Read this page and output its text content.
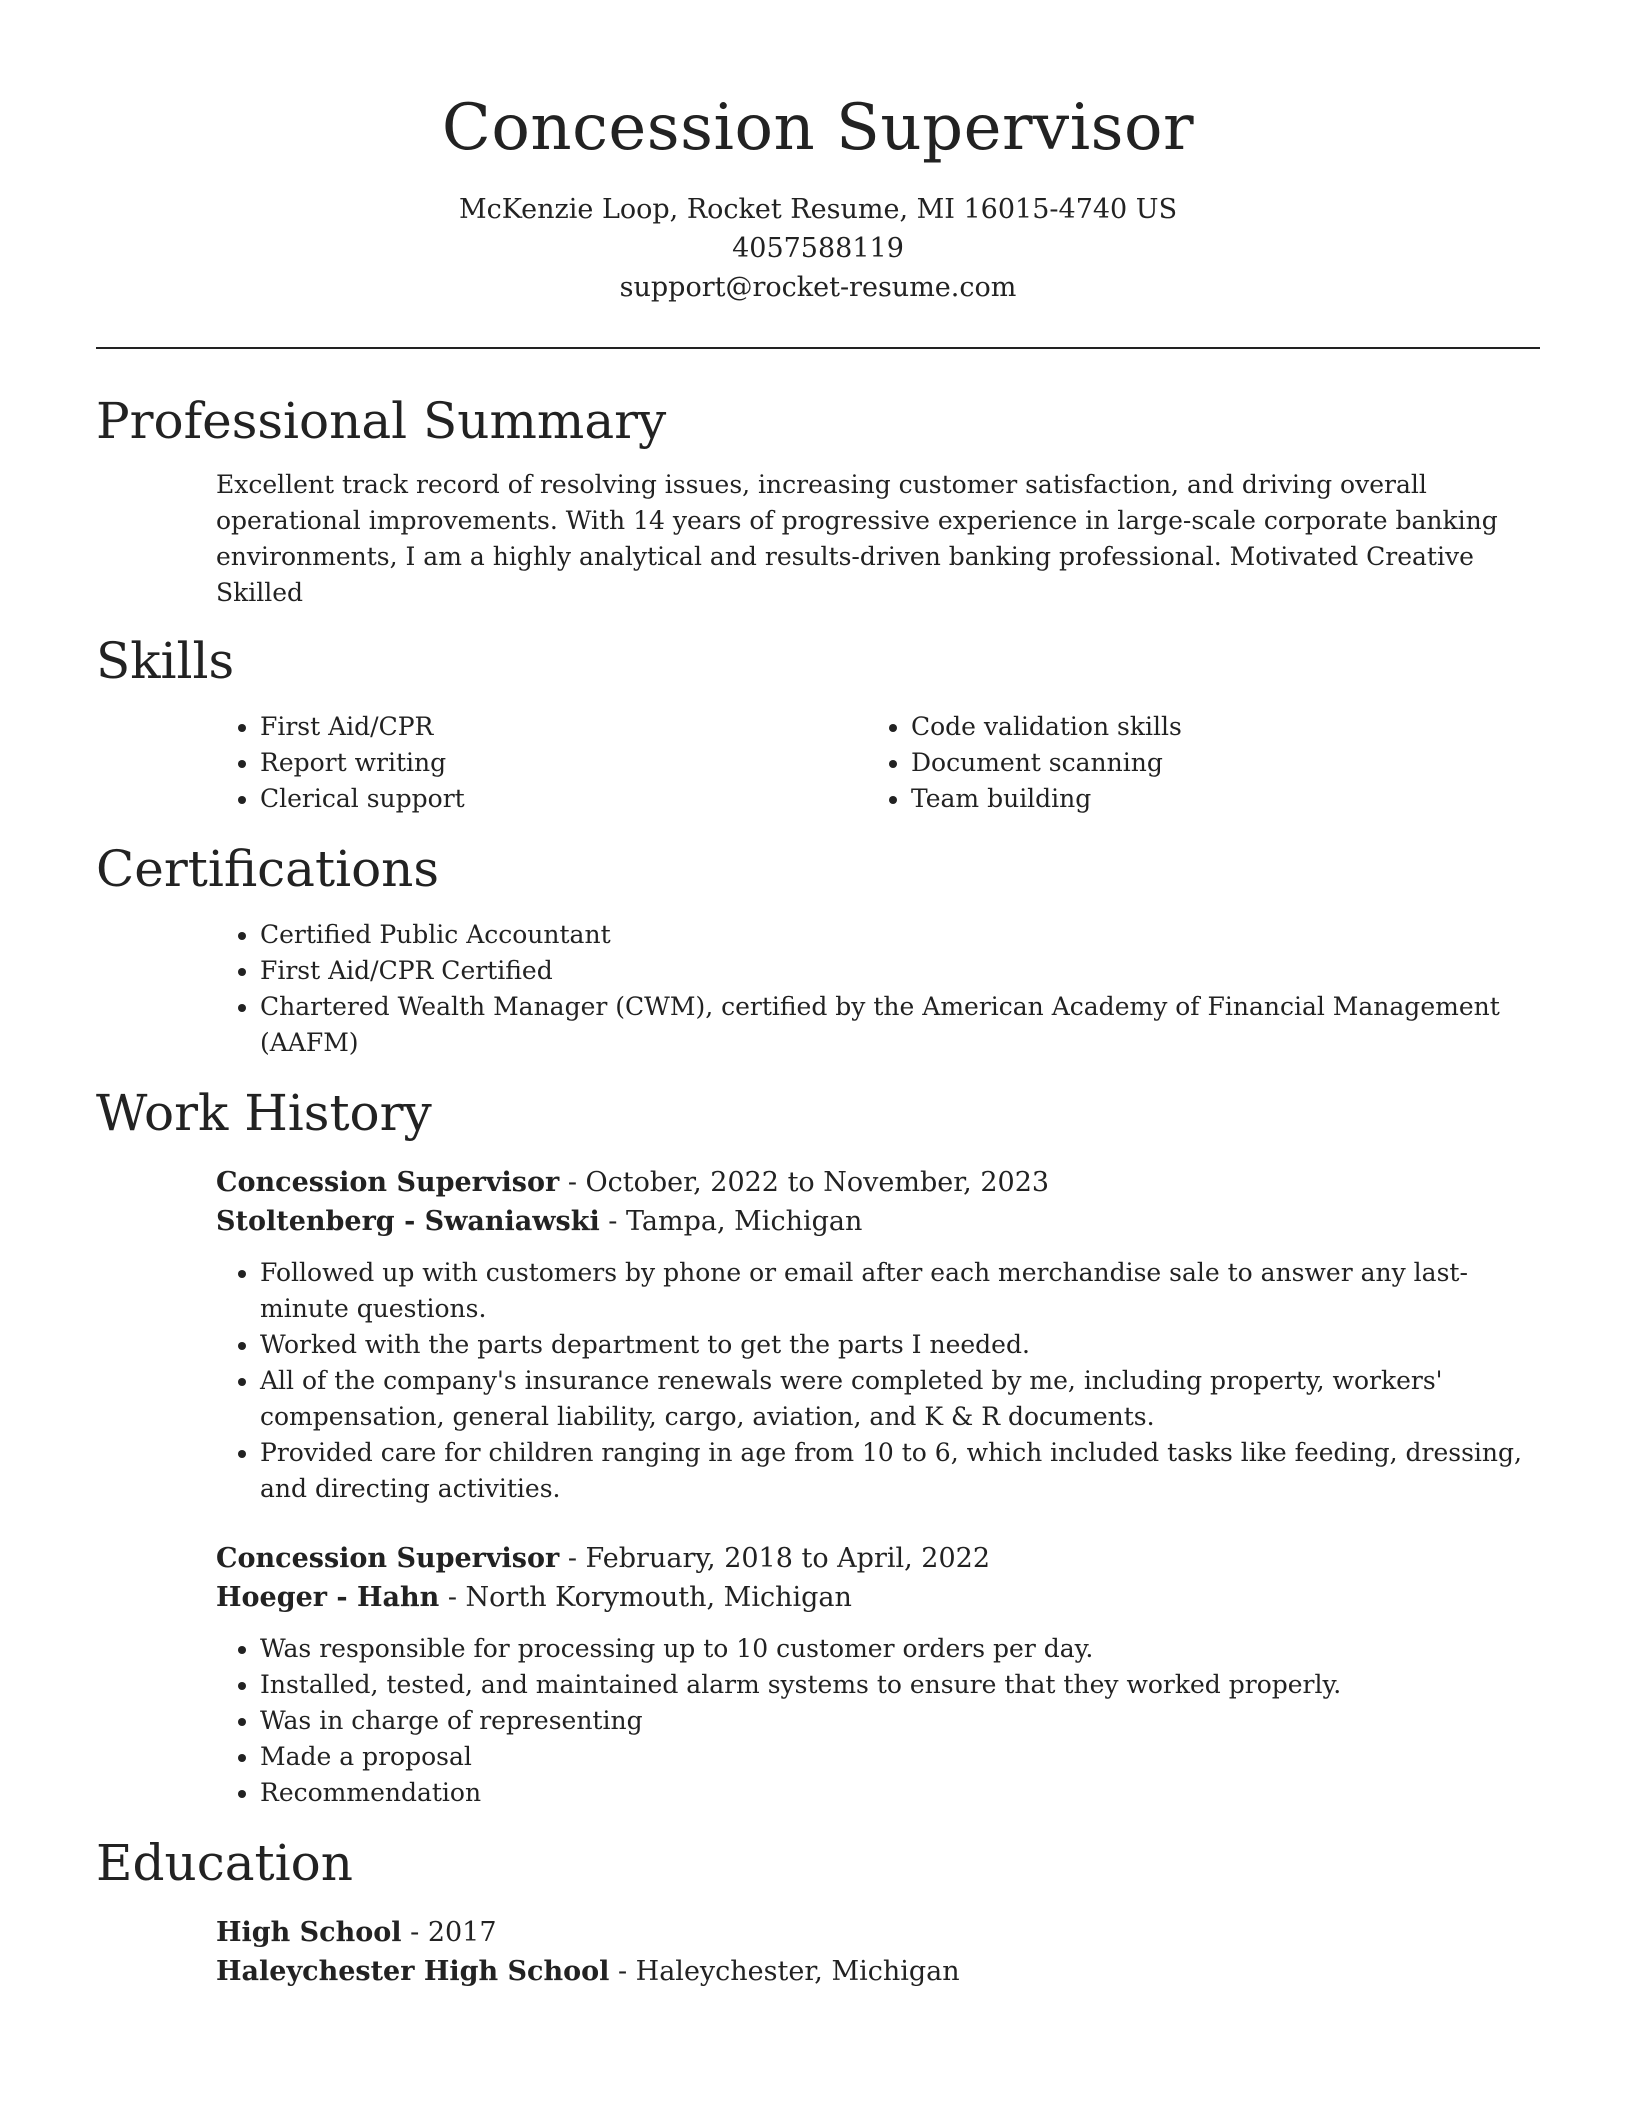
Concession Supervisor
McKenzie Loop, Rocket Resume, MI 16015-4740 US
4057588119
support@rocket-resume.com
Professional Summary
Excellent track record of resolving issues, increasing customer satisfaction, and driving overall operational improvements. With 14 years of progressive experience in large-scale corporate banking environments, I am a highly analytical and results-driven banking professional. Motivated Creative Skilled
Skills
• First Aid/CPR
• Report writing
• Clerical support
• Code validation skills
• Document scanning
• Team building
Certifications
• Certified Public Accountant
• First Aid/CPR Certified
• Chartered Wealth Manager (CWM), certified by the American Academy of Financial Management (AAFM)
Work History
Concession Supervisor - October, 2022 to November, 2023
Stoltenberg - Swaniawski - Tampa, Michigan
• Followed up with customers by phone or email after each merchandise sale to answer any last-minute questions.
• Worked with the parts department to get the parts I needed.
• All of the company's insurance renewals were completed by me, including property, workers' compensation, general liability, cargo, aviation, and K & R documents.
• Provided care for children ranging in age from 10 to 6, which included tasks like feeding, dressing, and directing activities.
Concession Supervisor - February, 2018 to April, 2022
Hoeger - Hahn - North Korymouth, Michigan
• Was responsible for processing up to 10 customer orders per day.
• Installed, tested, and maintained alarm systems to ensure that they worked properly.
• Was in charge of representing
• Made a proposal
• Recommendation
Education
High School - 2017
Haleychester High School - Haleychester, Michigan
